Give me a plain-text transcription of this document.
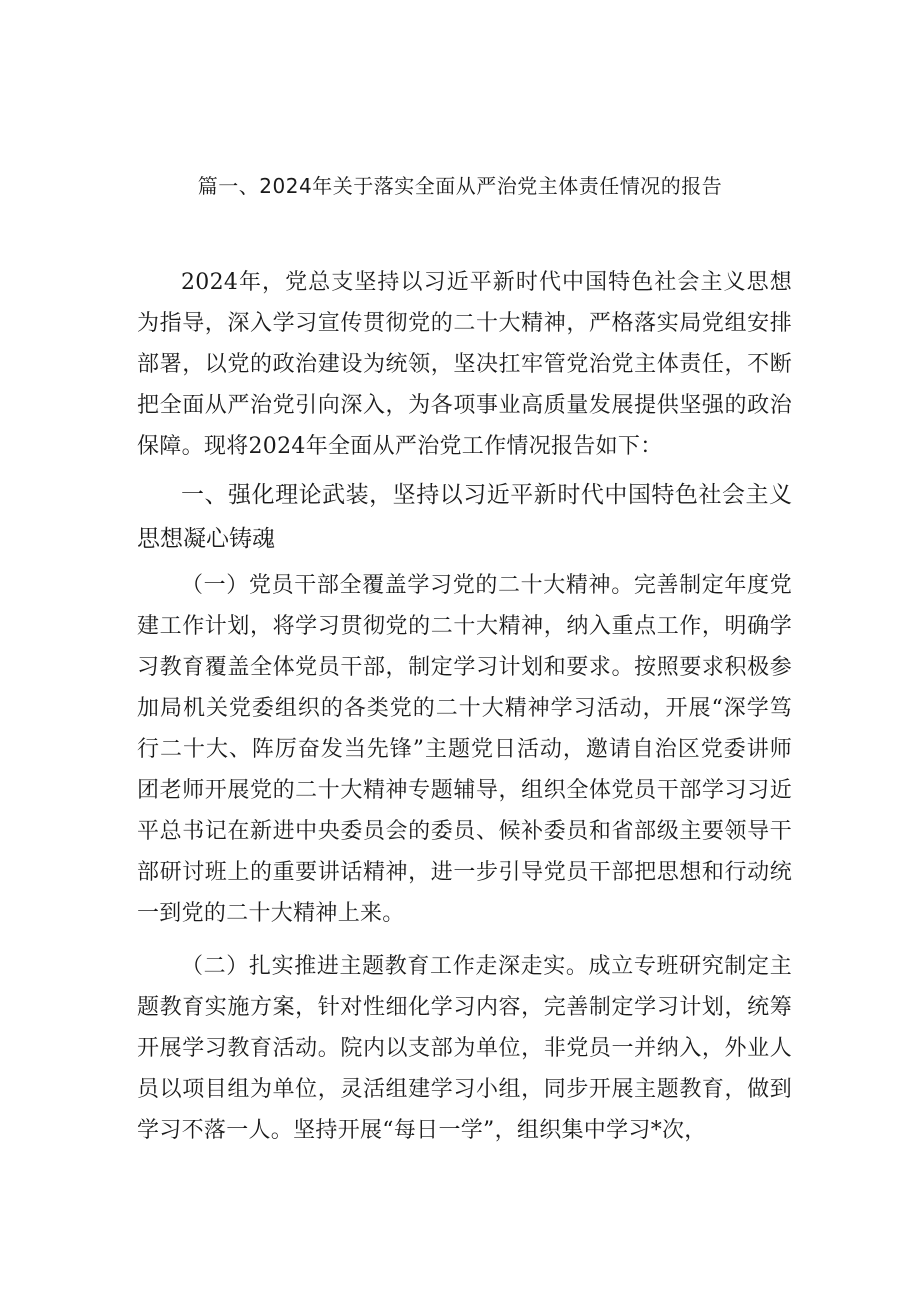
篇一、2024年关于落实全面从严治党主体责任情况的报告

2024年，党总支坚持以习近平新时代中国特色社会主义思想为指导，深入学习宣传贯彻党的二十大精神，严格落实局党组安排部署，以党的政治建设为统领，坚决扛牢管党治党主体责任，不断把全面从严治党引向深入，为各项事业高质量发展提供坚强的政治保障。现将2024年全面从严治党工作情况报告如下：

一、强化理论武装，坚持以习近平新时代中国特色社会主义思想凝心铸魂

（一）党员干部全覆盖学习党的二十大精神。完善制定年度党建工作计划，将学习贯彻党的二十大精神，纳入重点工作，明确学习教育覆盖全体党员干部，制定学习计划和要求。按照要求积极参加局机关党委组织的各类党的二十大精神学习活动，开展“深学笃行二十大、阵厉奋发当先锋”主题党日活动，邀请自治区党委讲师团老师开展党的二十大精神专题辅导，组织全体党员干部学习习近平总书记在新进中央委员会的委员、候补委员和省部级主要领导干部研讨班上的重要讲话精神，进一步引导党员干部把思想和行动统一到党的二十大精神上来。

（二）扎实推进主题教育工作走深走实。成立专班研究制定主题教育实施方案，针对性细化学习内容，完善制定学习计划，统筹开展学习教育活动。院内以支部为单位，非党员一并纳入，外业人员以项目组为单位，灵活组建学习小组，同步开展主题教育，做到学习不落一人。坚持开展“每日一学”，组织集中学习*次，
